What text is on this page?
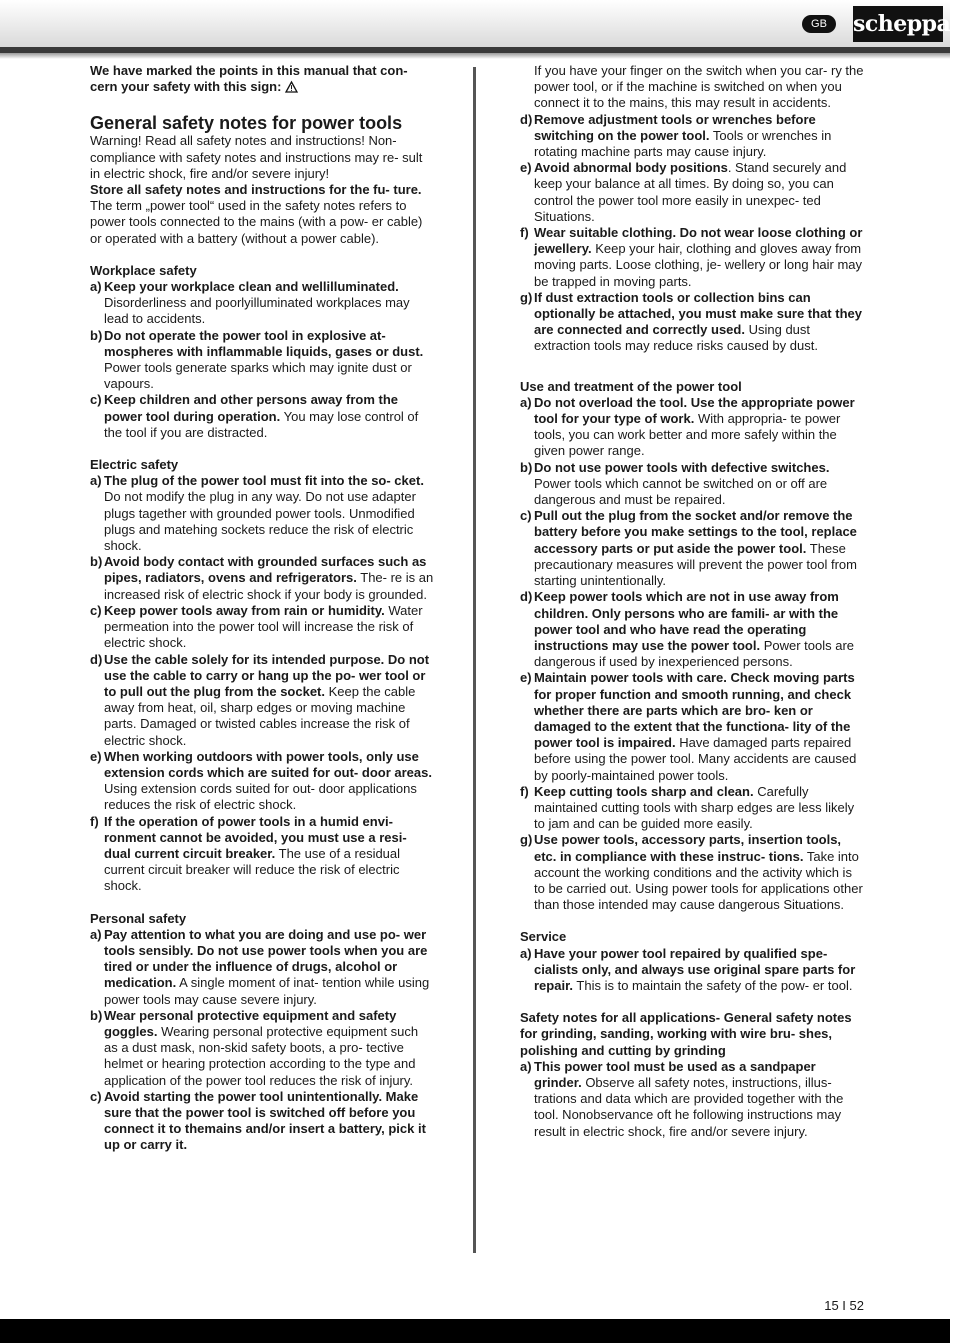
GB	scheppach

We have marked the points in this manual that con- cern your safety with this sign:

General safety notes for power tools

Warning! Read all safety notes and instructions! Non- compliance with safety notes and instructions may re- sult in electric shock, fire and/or severe injury!

Store all safety notes and instructions for the fu- ture.

The term „power tool“ used in the safety notes refers to power tools connected to the mains (with a pow- er cable) or operated with a battery (without a power cable).

Workplace safety

a) Keep your workplace clean and wellilluminated. Disorderliness and poorlyilluminated workplaces may lead to accidents.
b) Do not operate the power tool in explosive at- mospheres with inflammable liquids, gases or dust. Power tools generate sparks which may ignite dust or vapours.
c) Keep children and other persons away from the power tool during operation. You may lose control of the tool if you are distracted.

Electric safety

a) The plug of the power tool must fit into the so- cket. Do not modify the plug in any way. Do not use adapter plugs tagether with grounded power tools. Unmodified plugs and matehing sockets reduce the risk of electric shock.
b) Avoid body contact with grounded surfaces such as pipes, radiators, ovens and refrigerators. The- re is an increased risk of electric shock if your body is grounded.
c) Keep power tools away from rain or humidity. Water permeation into the power tool will increase the risk of electric shock.
d) Use the cable solely for its intended purpose. Do not use the cable to carry or hang up the po- wer tool or to pull out the plug from the socket. Keep the cable away from heat, oil, sharp edges or moving machine parts. Damaged or twisted cables increase the risk of electric shock.
e) When working outdoors with power tools, only use extension cords which are suited for out- door areas. Using extension cords suited for out- door applications reduces the risk of electric shock.
f) If the operation of power tools in a humid envi- ronment cannot be avoided, you must use a resi- dual current circuit breaker. The use of a residual current circuit breaker will reduce the risk of electric shock.

Personal safety

a) Pay attention to what you are doing and use po- wer tools sensibly. Do not use power tools when you are tired or under the influence of drugs, alcohol or medication. A single moment of inat- tention while using power tools may cause severe injury.
b) Wear personal protective equipment and safety goggles. Wearing personal protective equipment such as a dust mask, non-skid safety boots, a pro- tective helmet or hearing protection according to the type and application of the power tool reduces the risk of injury.
c) Avoid starting the power tool unintentionally. Make sure that the power tool is switched off before you connect it to themains and/or insert a battery, pick it up or carry it.

If you have your finger on the switch when you car- ry the power tool, or if the machine is switched on when you connect it to the mains, this may result in accidents.

d) Remove adjustment tools or wrenches before switching on the power tool. Tools or wrenches in rotating machine parts may cause injury.
e) Avoid abnormal body positions. Stand securely and keep your balance at all times. By doing so, you can control the power tool more easily in unexpec- ted Situations.
f) Wear suitable clothing. Do not wear loose clothing or jewellery. Keep your hair, clothing and gloves away from moving parts. Loose clothing, je- wellery or long hair may be trapped in moving parts.
g) If dust extraction tools or collection bins can optionally be attached, you must make sure that they are connected and correctly used. Using dust extraction tools may reduce risks caused by dust.

Use and treatment of the power tool

a) Do not overload the tool. Use the appropriate power tool for your type of work. With appropria- te power tools, you can work better and more safely within the given power range.
b) Do not use power tools with defective switches. Power tools which cannot be switched on or off are dangerous and must be repaired.
c) Pull out the plug from the socket and/or remove the battery before you make settings to the tool, replace accessory parts or put aside the power tool. These precautionary measures will prevent the power tool from starting unintentionally.
d) Keep power tools which are not in use away from children. Only persons who are famili- ar with the power tool and who have read the operating instructions may use the power tool. Power tools are dangerous if used by inexperienced persons.
e) Maintain power tools with care. Check moving parts for proper function and smooth running, and check whether there are parts which are bro- ken or damaged to the extent that the functiona- lity of the power tool is impaired. Have damaged parts repaired before using the power tool. Many accidents are caused by poorly-maintained power tools.
f) Keep cutting tools sharp and clean. Carefully maintained cutting tools with sharp edges are less likely to jam and can be guided more easily.
g) Use power tools, accessory parts, insertion tools, etc. in compliance with these instruc- tions. Take into account the working conditions and the activity which is to be carried out. Using power tools for applications other than those intended may cause dangerous Situations.

Service

a) Have your power tool repaired by qualified spe- cialists only, and always use original spare parts for repair. This is to maintain the safety of the pow- er tool.

Safety notes for all applications- General safety notes for grinding, sanding, working with wire bru- shes, polishing and cutting by grinding

a) This power tool must be used as a sandpaper grinder. Observe all safety notes, instructions, illus- trations and data which are provided together with the tool. Nonobservance oft he following instructions may result in electric shock, fire and/or severe injury.
15 I 52
